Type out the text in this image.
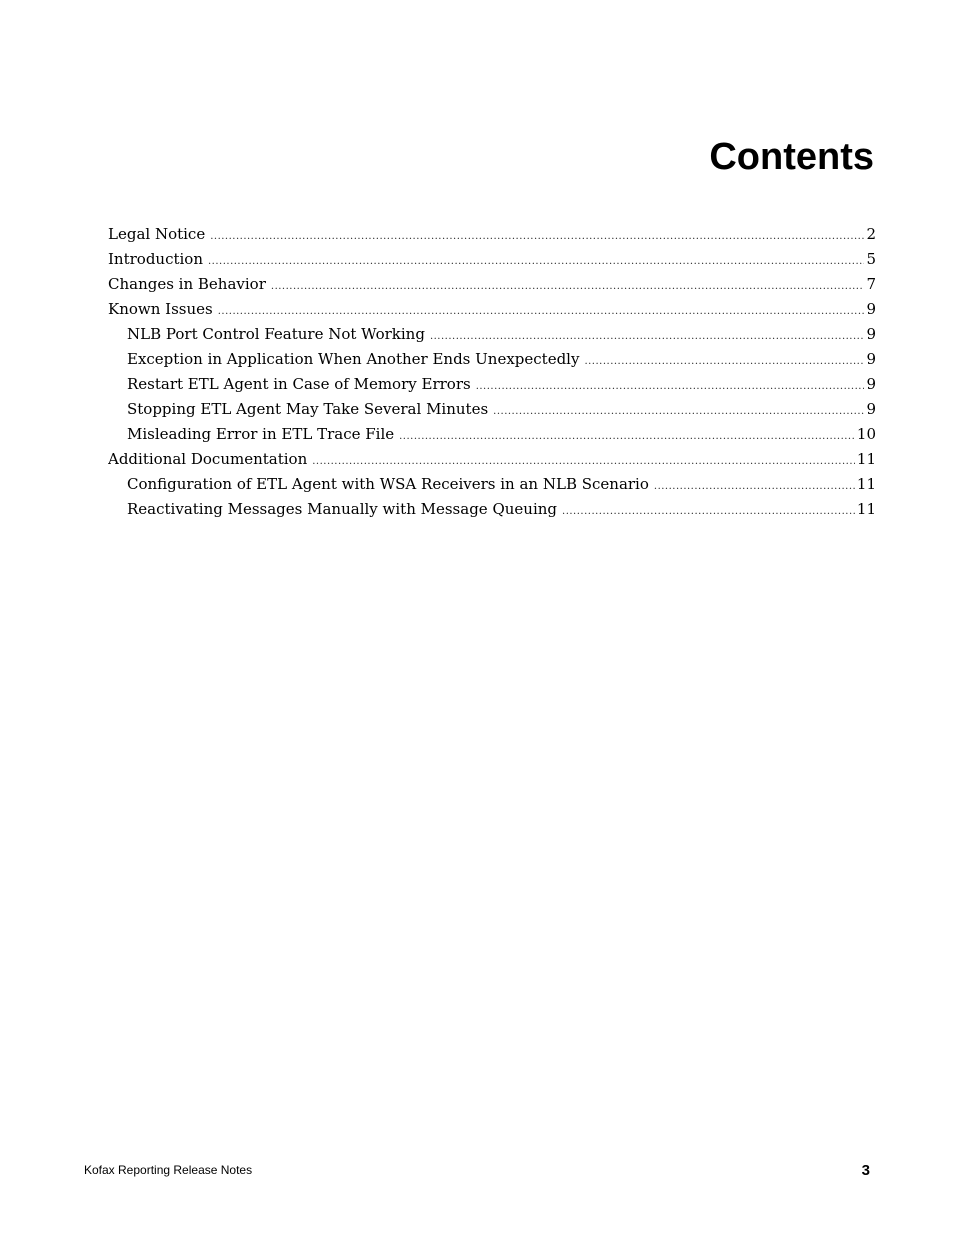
Contents
Legal Notice .....	2
Introduction .....	5
Changes in Behavior .....	7
Known Issues .....	9
NLB Port Control Feature Not Working .....	9
Exception in Application When Another Ends Unexpectedly .....	9
Restart ETL Agent in Case of Memory Errors .....	9
Stopping ETL Agent May Take Several Minutes .....	9
Misleading Error in ETL Trace File .....	10
Additional Documentation .....	11
Configuration of ETL Agent with WSA Receivers in an NLB Scenario .....	11
Reactivating Messages Manually with Message Queuing .....	11
Kofax Reporting Release Notes	3
